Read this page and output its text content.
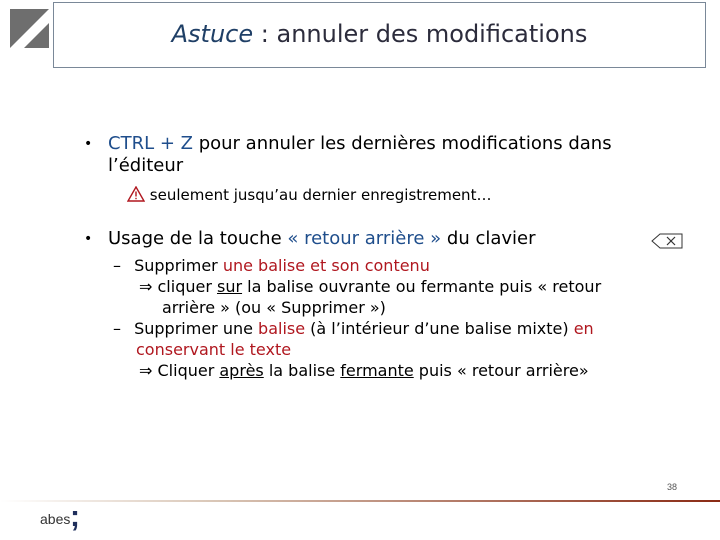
Astuce : annuler des modifications
• CTRL + Z pour annuler les dernières modifications dans
l’éditeur
seulement jusqu’au dernier enregistrement…
• Usage de la touche « retour arrière » du clavier
– Supprimer une balise et son contenu
⇒ cliquer sur la balise ouvrante ou fermante puis « retour
arrière » (ou « Supprimer »)
– Supprimer une balise (à l’intérieur d’une balise mixte) en
conservant le texte
⇒ Cliquer après la balise fermante puis « retour arrière»
abes ;
38
